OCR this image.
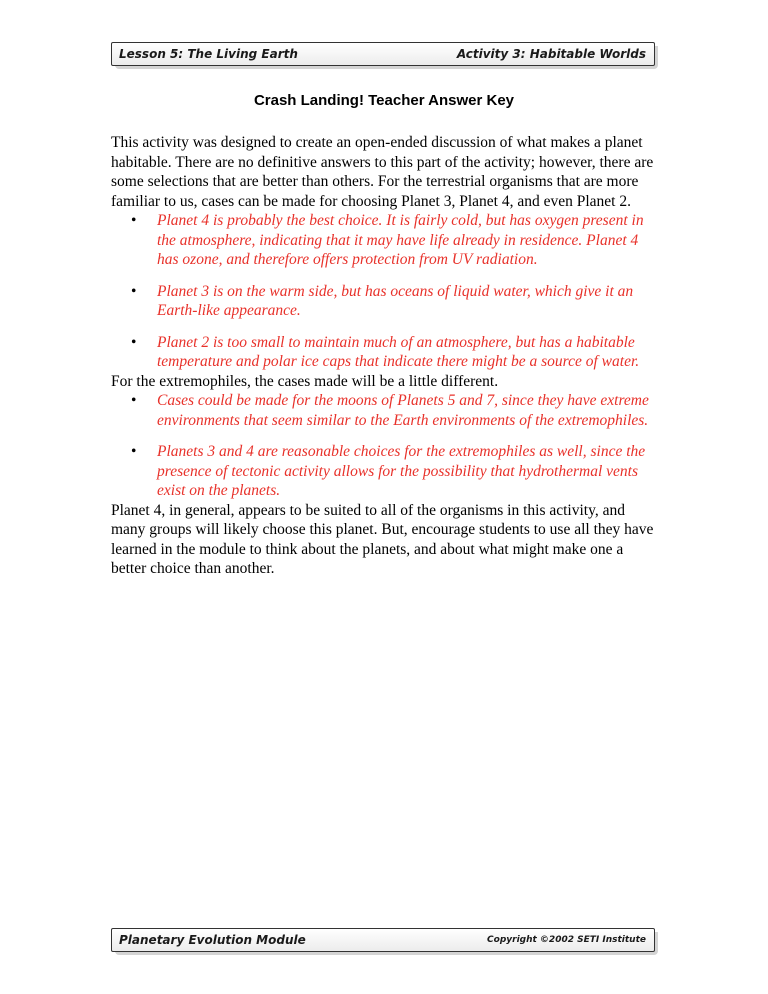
Lesson 5: The Living Earth	Activity 3: Habitable Worlds
Crash Landing! Teacher Answer Key

This activity was designed to create an open-ended discussion of what makes a planet habitable. There are no definitive answers to this part of the activity; however, there are some selections that are better than others. For the terrestrial organisms that are more familiar to us, cases can be made for choosing Planet 3, Planet 4, and even Planet 2.

• Planet 4 is probably the best choice. It is fairly cold, but has oxygen present in the atmosphere, indicating that it may have life already in residence. Planet 4 has ozone, and therefore offers protection from UV radiation.
• Planet 3 is on the warm side, but has oceans of liquid water, which give it an Earth-like appearance.
• Planet 2 is too small to maintain much of an atmosphere, but has a habitable temperature and polar ice caps that indicate there might be a source of water.

For the extremophiles, the cases made will be a little different.

• Cases could be made for the moons of Planets 5 and 7, since they have extreme environments that seem similar to the Earth environments of the extremophiles.
• Planets 3 and 4 are reasonable choices for the extremophiles as well, since the presence of tectonic activity allows for the possibility that hydrothermal vents exist on the planets.

Planet 4, in general, appears to be suited to all of the organisms in this activity, and many groups will likely choose this planet. But, encourage students to use all they have learned in the module to think about the planets, and about what might make one a better choice than another.

Planetary Evolution Module	Copyright ©2002 SETI Institute
